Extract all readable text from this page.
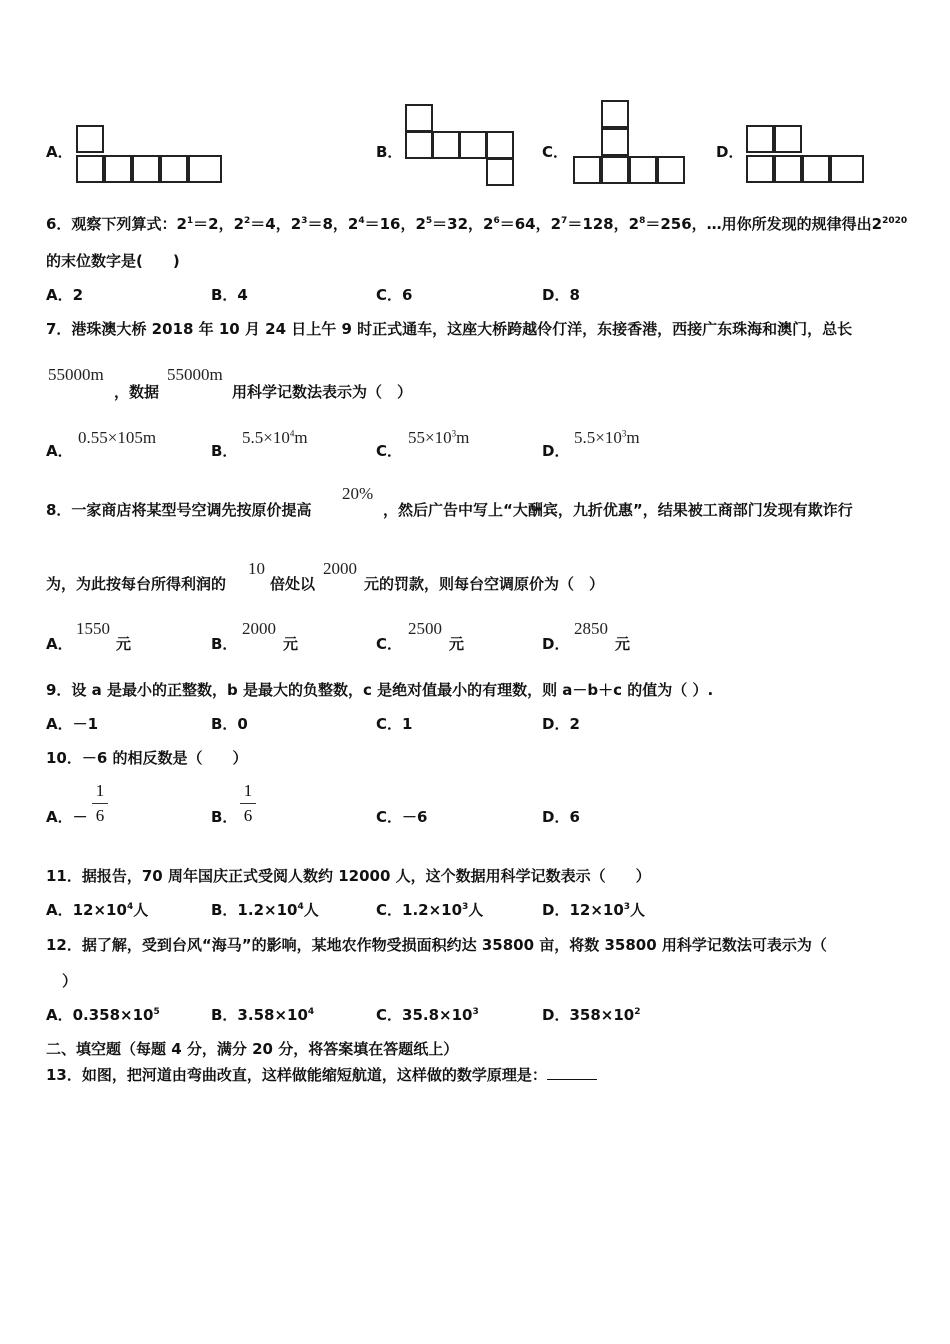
A．	B．	C．	D．
6．观察下列算式：$2^1=2$，$2^2=4$，$2^3=8$，$2^4=16$，$2^5=32$，$2^6=64$，$2^7=128$，$2^8=256$，…用你所发现的规律得出$2^{2020}$
的末位数字是(　　)
A．2	B．4	C．6	D．8
7．港珠澳大桥 2018 年 10 月 24 日上午 9 时正式通车，这座大桥跨越伶仃洋，东接香港，西接广东珠海和澳门，总长
55000m
，数据
55000m
用科学记数法表示为（　）
A．
0.55×105m
B．
$5.5\times 10^4m$
C．
$55\times 10^3m$
D．
$5.5\times 10^3m$
8．一家商店将某型号空调先按原价提高
20%
，然后广告中写上“大酬宾，九折优惠”，结果被工商部门发现有欺诈行
为，为此按每台所得利润的
10
倍处以
2000
元的罚款，则每台空调原价为（　）
A．
1550
元	B．
2000
元	C．
2500
元	D．
2850
元
9．设 a 是最小的正整数，b 是最大的负整数，c 是绝对值最小的有理数，则 a－b＋c 的值为（ ）.
A．－1	B．0	C．1	D．2
10．－6 的相反数是（　　）
A．－
1
6	B．
1
6	C．－6	D．6
11．据报告，70 周年国庆正式受阅人数约 12000 人，这个数据用科学记数表示（　　）
A．$12\times 10^4$人	B．$1.2\times 10^4$人	C．$1.2\times 10^3$人	D．$12\times 10^3$人
12．据了解，受到台风“海马”的影响，某地农作物受损面积约达 35800 亩，将数 35800 用科学记数法可表示为（
）
A．$0.358\times 10^5$	B．$3.58\times 10^4$	C．$35.8\times 10^3$	D．$358\times 10^2$
二、填空题（每题 4 分，满分 20 分，将答案填在答题纸上）
13．如图，把河道由弯曲改直，这样做能缩短航道，这样做的数学原理是：
